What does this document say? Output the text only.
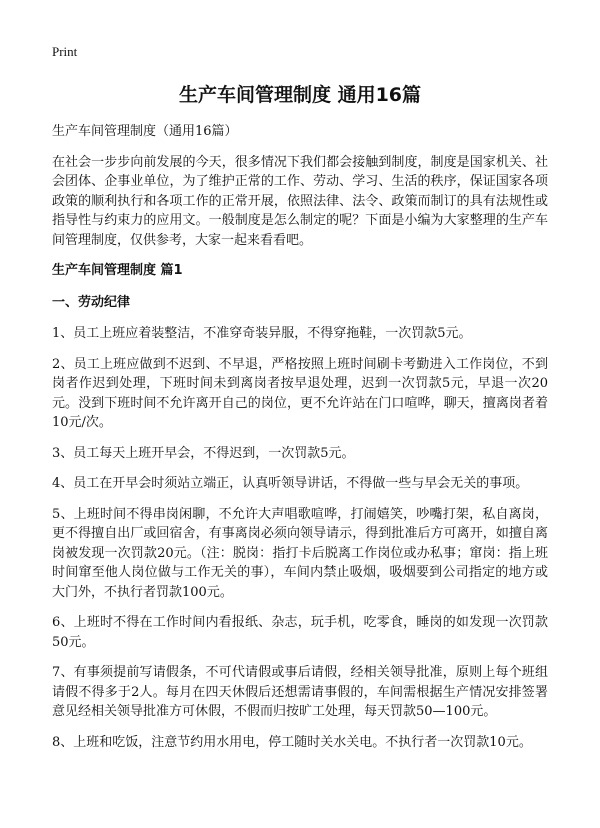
Print
生产车间管理制度 通用16篇

生产车间管理制度（通用16篇）

在社会一步步向前发展的今天，很多情况下我们都会接触到制度，制度是国家机关、社会团体、企事业单位，为了维护正常的工作、劳动、学习、生活的秩序，保证国家各项政策的顺利执行和各项工作的正常开展，依照法律、法令、政策而制订的具有法规性或指导性与约束力的应用文。一般制度是怎么制定的呢？下面是小编为大家整理的生产车间管理制度，仅供参考，大家一起来看看吧。

生产车间管理制度 篇1

一、劳动纪律

1、员工上班应着装整洁，不准穿奇装异服，不得穿拖鞋，一次罚款5元。

2、员工上班应做到不迟到、不早退，严格按照上班时间刷卡考勤进入工作岗位，不到岗者作迟到处理，下班时间未到离岗者按早退处理，迟到一次罚款5元，早退一次20元。没到下班时间不允许离开自己的岗位，更不允许站在门口喧哗，聊天，擅离岗者着10元/次。

3、员工每天上班开早会，不得迟到，一次罚款5元。

4、员工在开早会时须站立端正，认真听领导讲话，不得做一些与早会无关的事项。

5、上班时间不得串岗闲聊，不允许大声唱歌喧哗，打闹嬉笑，吵嘴打架，私自离岗，更不得擅自出厂或回宿舍，有事离岗必须向领导请示，得到批准后方可离开，如擅自离岗被发现一次罚款20元。（注：脱岗：指打卡后脱离工作岗位或办私事；窜岗：指上班时间窜至他人岗位做与工作无关的事），车间内禁止吸烟，吸烟要到公司指定的地方或大门外，不执行者罚款100元。

6、上班时不得在工作时间内看报纸、杂志，玩手机，吃零食，睡岗的如发现一次罚款50元。

7、有事须提前写请假条，不可代请假或事后请假，经相关领导批准，原则上每个班组请假不得多于2人。每月在四天休假后还想需请事假的，车间需根据生产情况安排签署意见经相关领导批准方可休假，不假而归按旷工处理，每天罚款50—100元。

8、上班和吃饭，注意节约用水用电，停工随时关水关电。不执行者一次罚款10元。
